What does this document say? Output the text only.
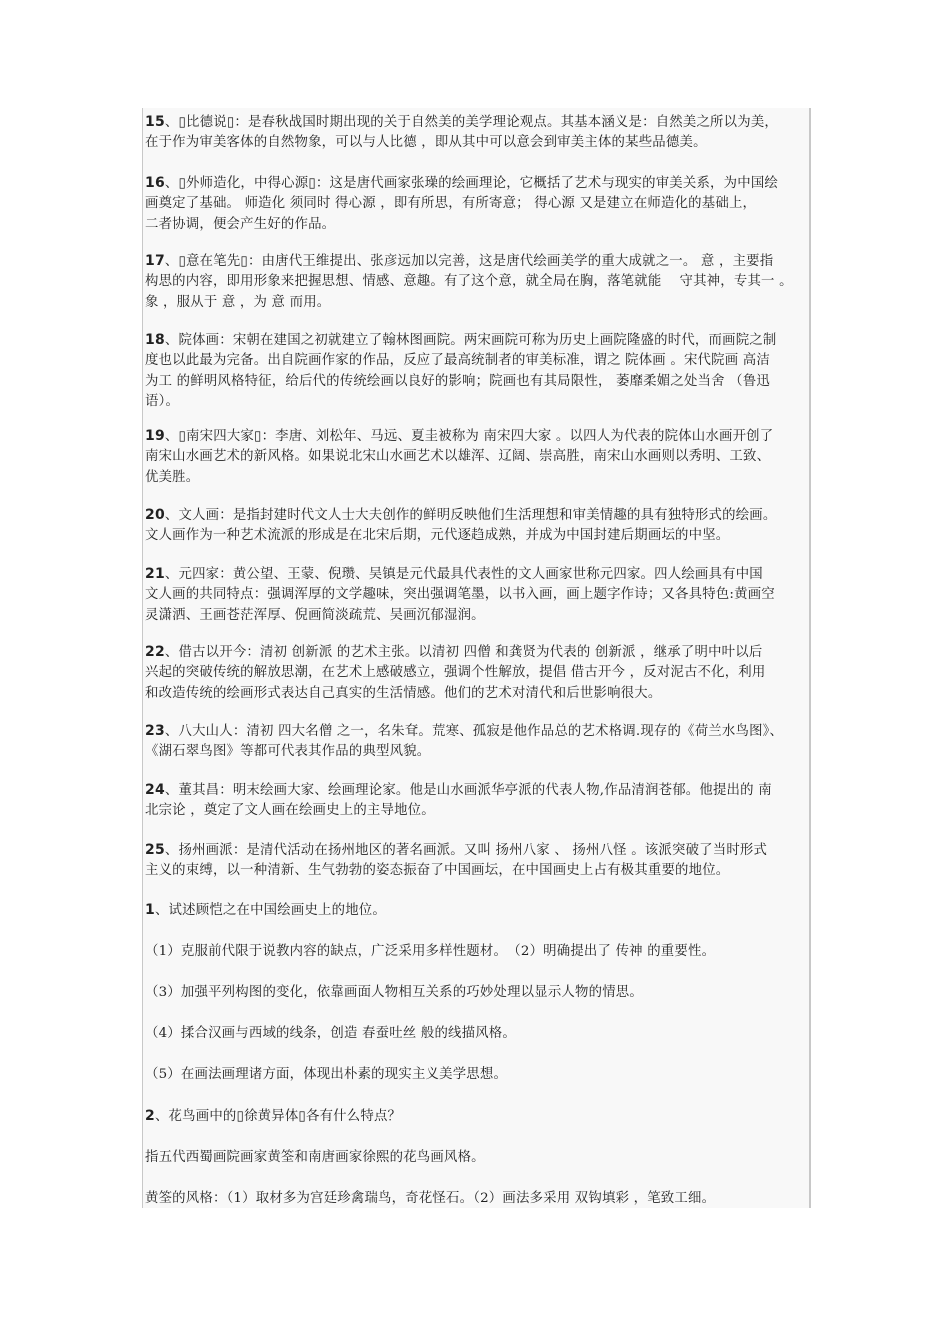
15、▯比德说▯：是春秋战国时期出现的关于自然美的美学理论观点。其基本涵义是：自然美之所以为美，
在于作为审美客体的自然物象，可以与人比德 ，即从其中可以意会到审美主体的某些品德美。
16、▯外师造化，中得心源▯：这是唐代画家张璪的绘画理论，它概括了艺术与现实的审美关系，为中国绘
画奠定了基础。 师造化 须同时 得心源 ，即有所思，有所寄意； 得心源 又是建立在师造化的基础上，
二者协调，便会产生好的作品。
17、▯意在笔先▯：由唐代王维提出、张彦远加以完善，这是唐代绘画美学的重大成就之一。 意 ，主要指
构思的内容，即用形象来把握思想、情感、意趣。有了这个意，就全局在胸，落笔就能　 守其神，专其一 。
象 ，服从于 意 ，为 意 而用。
18、院体画：宋朝在建国之初就建立了翰林图画院。两宋画院可称为历史上画院隆盛的时代，而画院之制
度也以此最为完备。出自院画作家的作品，反应了最高统制者的审美标准，谓之 院体画 。宋代院画 高洁
为工 的鲜明风格特征，给后代的传统绘画以良好的影响；院画也有其局限性， 萎靡柔媚之处当舍 （鲁迅
语）。
19、▯南宋四大家▯：李唐、刘松年、马远、夏圭被称为 南宋四大家 。以四人为代表的院体山水画开创了
南宋山水画艺术的新风格。如果说北宋山水画艺术以雄浑、辽阔、崇高胜，南宋山水画则以秀明、工致、
优美胜。
20、文人画：是指封建时代文人士大夫创作的鲜明反映他们生活理想和审美情趣的具有独特形式的绘画。
文人画作为一种艺术流派的形成是在北宋后期，元代逐趋成熟，并成为中国封建后期画坛的中坚。
21、元四家：黄公望、王蒙、倪瓒、吴镇是元代最具代表性的文人画家世称元四家。四人绘画具有中国
文人画的共同特点：强调浑厚的文学趣味，突出强调笔墨，以书入画，画上题字作诗；又各具特色:黄画空
灵潇洒、王画苍茫浑厚、倪画简淡疏荒、吴画沉郁湿润。
22、借古以开今：清初 创新派 的艺术主张。以清初 四僧 和龚贤为代表的 创新派 ，继承了明中叶以后
兴起的突破传统的解放思潮，在艺术上感破感立，强调个性解放，提倡 借古开今 ，反对泥古不化，利用
和改造传统的绘画形式表达自己真实的生活情感。他们的艺术对清代和后世影响很大。
23、八大山人：清初 四大名僧 之一，名朱耷。荒寒、孤寂是他作品总的艺术格调.现存的《荷兰水鸟图》、
《湖石翠鸟图》等都可代表其作品的典型风貌。
24、董其昌：明末绘画大家、绘画理论家。他是山水画派华亭派的代表人物,作品清润苍郁。他提出的 南
北宗论 ，奠定了文人画在绘画史上的主导地位。
25、扬州画派：是清代活动在扬州地区的著名画派。又叫 扬州八家 、 扬州八怪 。该派突破了当时形式
主义的束缚，以一种清新、生气勃勃的姿态振奋了中国画坛，在中国画史上占有极其重要的地位。
1、试述顾恺之在中国绘画史上的地位。
（1）克服前代限于说教内容的缺点，广泛采用多样性题材。　（2）明确提出了 传神 的重要性。
（3）加强平列构图的变化，依靠画面人物相互关系的巧妙处理以显示人物的情思。
（4）揉合汉画与西域的线条，创造 春蚕吐丝 般的线描风格。
（5）在画法画理诸方面，体现出朴素的现实主义美学思想。
2、花鸟画中的▯徐黄异体▯各有什么特点？
指五代西蜀画院画家黄筌和南唐画家徐熙的花鸟画风格。
黄筌的风格：（1）取材多为宫廷珍禽瑞鸟，奇花怪石。（2）画法多采用 双钩填彩 ，笔致工细。
